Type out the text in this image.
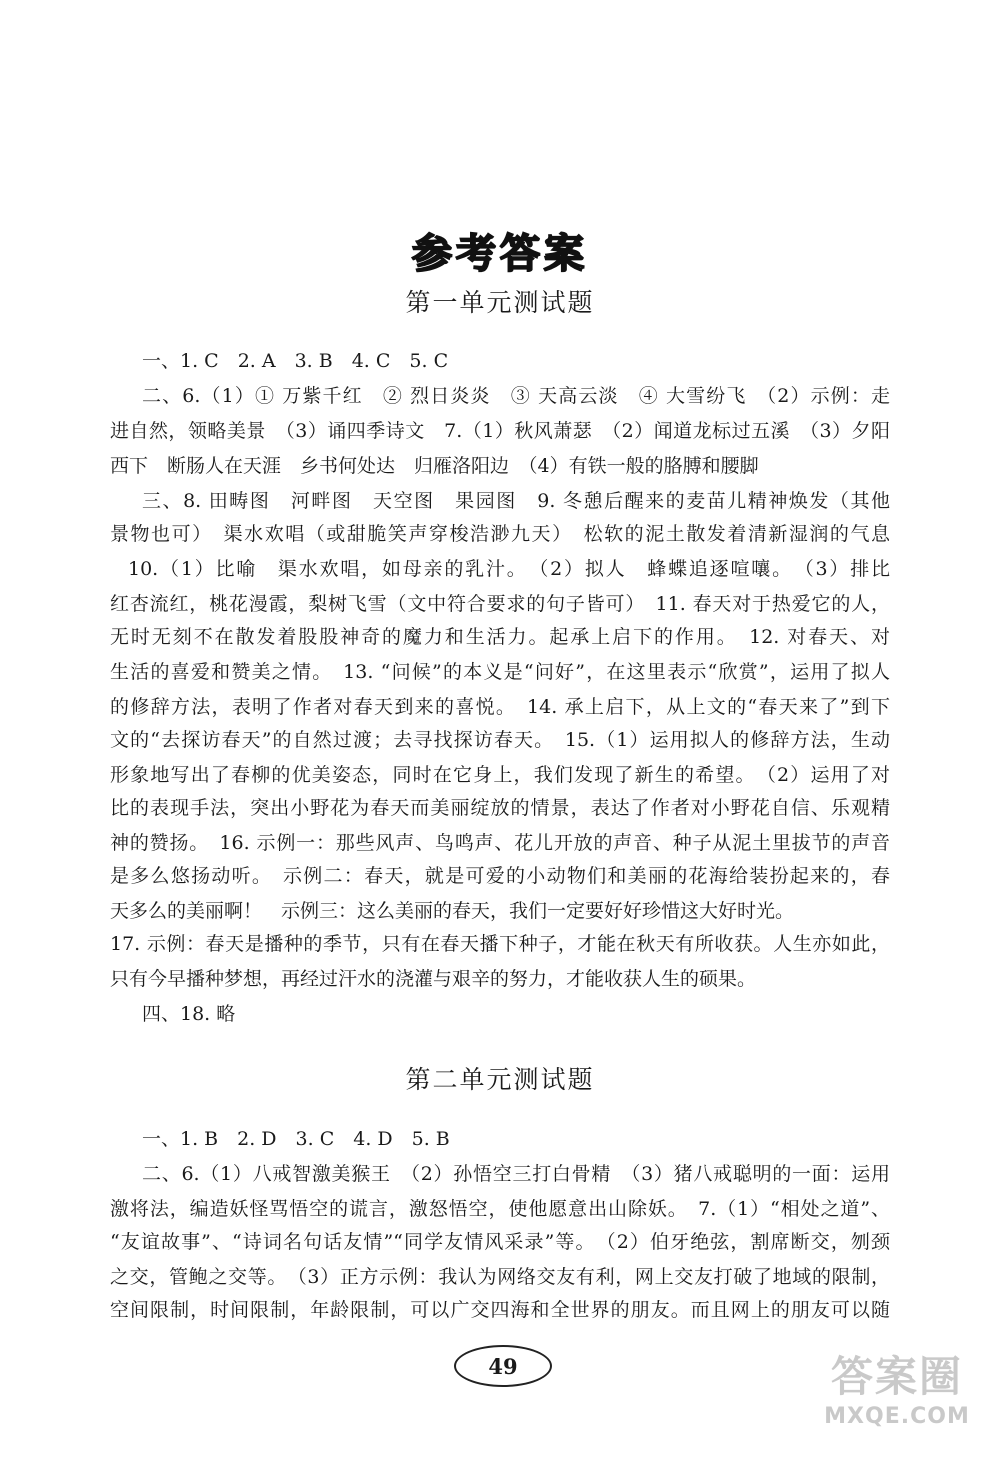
参考答案
第一单元测试题
一、1. C　2. A　3. B　4. C　5. C
二、6.（1）① 万紫千红　② 烈日炎炎　③ 天高云淡　④ 大雪纷飞　（2）示例：走
进自然，领略美景　（3）诵四季诗文　7.（1）秋风萧瑟　（2）闻道龙标过五溪　（3）夕阳
西下　断肠人在天涯　乡书何处达　归雁洛阳边　（4）有铁一般的胳膊和腰脚
三、8. 田畴图　河畔图　天空图　果园图　9. 冬憩后醒来的麦苗儿精神焕发（其他
景物也可）　渠水欢唱（或甜脆笑声穿梭浩渺九天）　松软的泥土散发着清新湿润的气息
10.（1）比喻　渠水欢唱，如母亲的乳汁。　（2）拟人　蜂蝶追逐喧嚷。　（3）排比
红杏流红，桃花漫霞，梨树飞雪（文中符合要求的句子皆可）　11. 春天对于热爱它的人，
无时无刻不在散发着股股神奇的魔力和生活力。起承上启下的作用。　12. 对春天、对
生活的喜爱和赞美之情。　13. “问候”的本义是“问好”，在这里表示“欣赏”，运用了拟人
的修辞方法，表明了作者对春天到来的喜悦。　14. 承上启下，从上文的“春天来了”到下
文的“去探访春天”的自然过渡；去寻找探访春天。　15.（1）运用拟人的修辞方法，生动
形象地写出了春柳的优美姿态，同时在它身上，我们发现了新生的希望。　（2）运用了对
比的表现手法，突出小野花为春天而美丽绽放的情景，表达了作者对小野花自信、乐观精
神的赞扬。　16. 示例一：那些风声、鸟鸣声、花儿开放的声音、种子从泥土里拔节的声音
是多么悠扬动听。　示例二：春天，就是可爱的小动物们和美丽的花海给装扮起来的，春
天多么的美丽啊！　示例三：这么美丽的春天，我们一定要好好珍惜这大好时光。
17. 示例：春天是播种的季节，只有在春天播下种子，才能在秋天有所收获。人生亦如此，
只有今早播种梦想，再经过汗水的浇灌与艰辛的努力，才能收获人生的硕果。
四、18. 略
第二单元测试题
一、1. B　2. D　3. C　4. D　5. B
二、6.（1）八戒智激美猴王　（2）孙悟空三打白骨精　（3）猪八戒聪明的一面：运用
激将法，编造妖怪骂悟空的谎言，激怒悟空，使他愿意出山除妖。　7.（1）“相处之道”、
“友谊故事”、“诗词名句话友情”“同学友情风采录”等。　（2）伯牙绝弦，割席断交，刎颈
之交，管鲍之交等。　（3）正方示例：我认为网络交友有利，网上交友打破了地域的限制，
空间限制，时间限制，年龄限制，可以广交四海和全世界的朋友。而且网上的朋友可以随
49	答案圈
MXQE.COM
